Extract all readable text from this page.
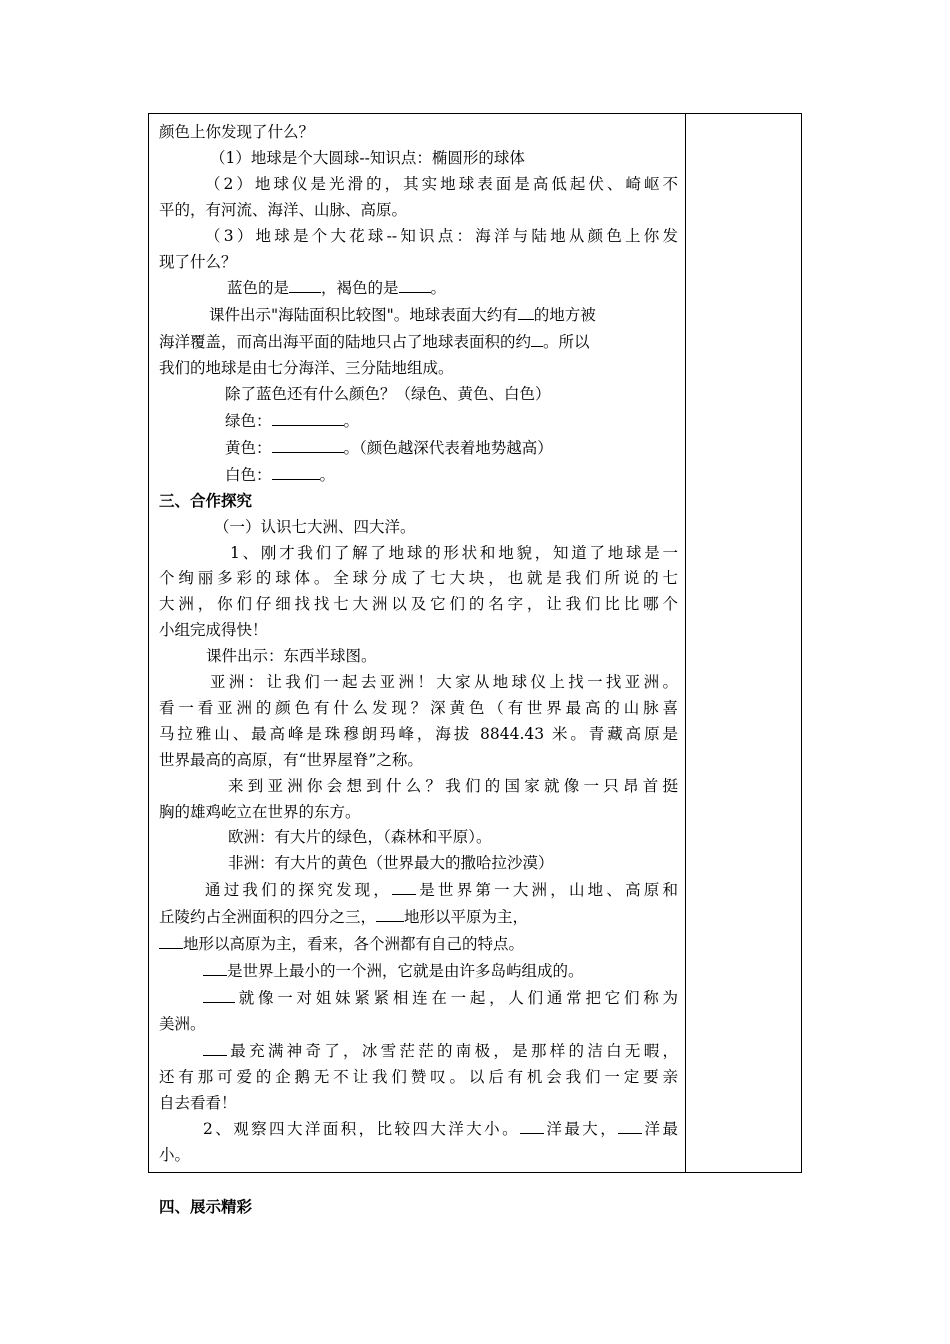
颜色上你发现了什么？

（1）地球是个大圆球--知识点：椭圆形的球体

（2）地球仪是光滑的，其实地球表面是高低起伏、崎岖不

平的，有河流、海洋、山脉、高原。

（3）地球是个大花球--知识点：海洋与陆地从颜色上你发

现了什么？

蓝色的是 ，褐色的是 。

课件出示"海陆面积比较图"。地球表面大约有 的地方被

海洋覆盖，而高出海平面的陆地只占了地球表面积的约 。所以

我们的地球是由七分海洋、三分陆地组成。

除了蓝色还有什么颜色？（绿色、黄色、白色）

绿色：	。

黄色：	。（颜色越深代表着地势越高）

白色：	。

三、合作探究

（一）认识七大洲、四大洋。

1、刚才我们了解了地球的形状和地貌，知道了地球是一

个绚丽多彩的球体。全球分成了七大块，也就是我们所说的七

大洲，你们仔细找找七大洲以及它们的名字，让我们比比哪个

小组完成得快！

课件出示：东西半球图。

亚洲：让我们一起去亚洲！大家从地球仪上找一找亚洲。

看一看亚洲的颜色有什么发现？深黄色（有世界最高的山脉喜

马拉雅山、最高峰是珠穆朗玛峰，海拔 8844.43 米。青藏高原是

世界最高的高原，有“世界屋脊”之称。

来到亚洲你会想到什么？我们的国家就像一只昂首挺

胸的雄鸡屹立在世界的东方。

欧洲：有大片的绿色，（森林和平原）。

非洲：有大片的黄色（世界最大的撒哈拉沙漠）

通过我们的探究发现， 是世界第一大洲，山地、高原和

丘陵约占全洲面积的四分之三， 地形以平原为主，

地形以高原为主，看来，各个洲都有自己的特点。

是世界上最小的一个洲，它就是由许多岛屿组成的。

就像一对姐妹紧紧相连在一起，人们通常把它们称为

美洲。

最充满神奇了，冰雪茫茫的南极，是那样的洁白无暇，

还有那可爱的企鹅无不让我们赞叹。以后有机会我们一定要亲

自去看看！

2、观察四大洋面积，比较四大洋大小。 洋最大， 洋最

小。

四、展示精彩
